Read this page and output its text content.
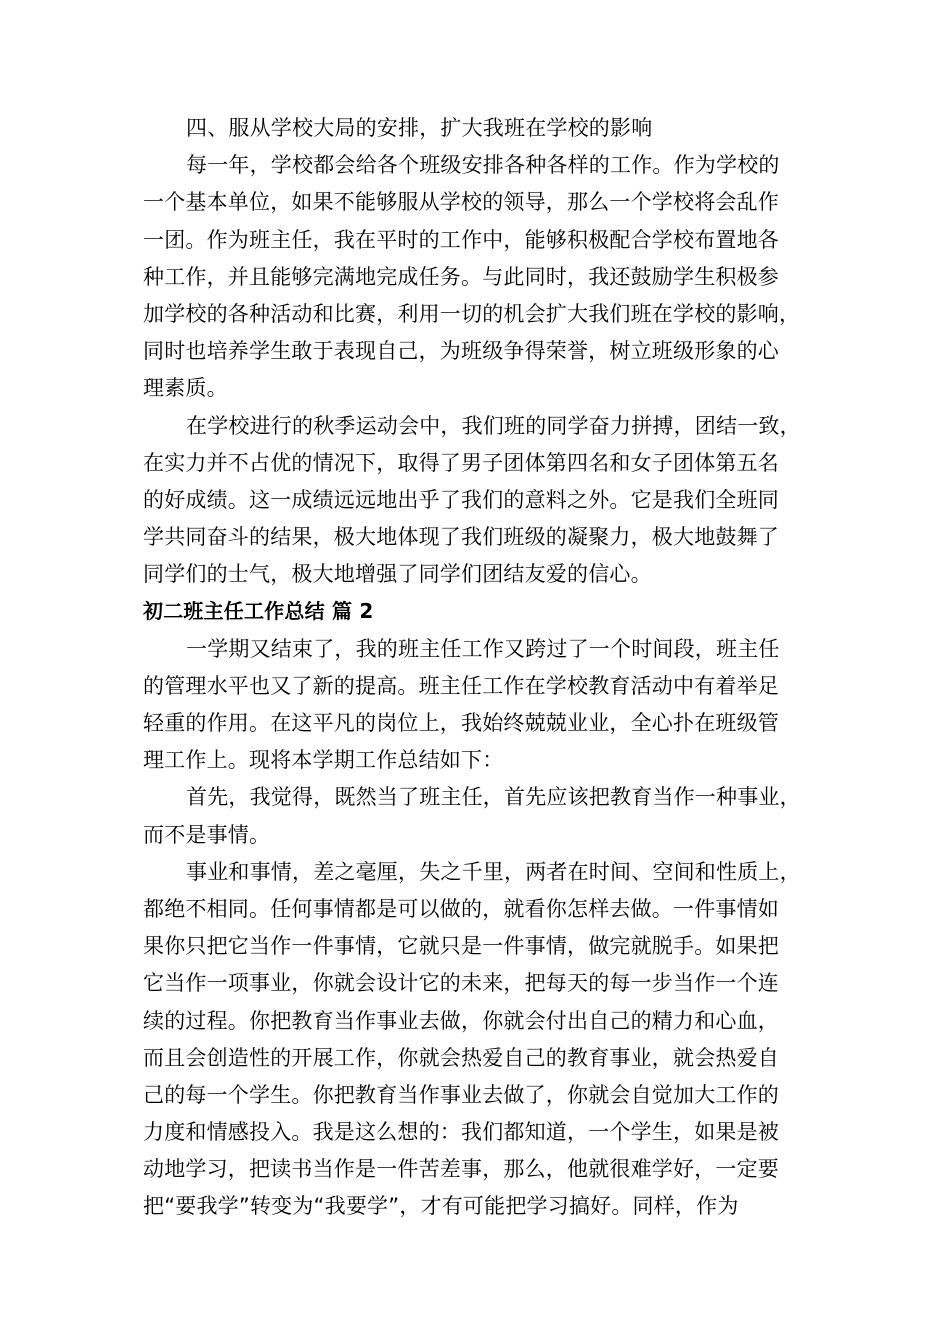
四、服从学校大局的安排，扩大我班在学校的影响
每一年，学校都会给各个班级安排各种各样的工作。作为学校的
一个基本单位，如果不能够服从学校的领导，那么一个学校将会乱作
一团。作为班主任，我在平时的工作中，能够积极配合学校布置地各
种工作，并且能够完满地完成任务。与此同时，我还鼓励学生积极参
加学校的各种活动和比赛，利用一切的机会扩大我们班在学校的影响，
同时也培养学生敢于表现自己，为班级争得荣誉，树立班级形象的心
理素质。
在学校进行的秋季运动会中，我们班的同学奋力拼搏，团结一致，
在实力并不占优的情况下，取得了男子团体第四名和女子团体第五名
的好成绩。这一成绩远远地出乎了我们的意料之外。它是我们全班同
学共同奋斗的结果，极大地体现了我们班级的凝聚力，极大地鼓舞了
同学们的士气，极大地增强了同学们团结友爱的信心。
初二班主任工作总结 篇 2
一学期又结束了，我的班主任工作又跨过了一个时间段，班主任
的管理水平也又了新的提高。班主任工作在学校教育活动中有着举足
轻重的作用。在这平凡的岗位上，我始终兢兢业业，全心扑在班级管
理工作上。现将本学期工作总结如下：
首先，我觉得，既然当了班主任，首先应该把教育当作一种事业，
而不是事情。
事业和事情，差之毫厘，失之千里，两者在时间、空间和性质上，
都绝不相同。任何事情都是可以做的，就看你怎样去做。一件事情如
果你只把它当作一件事情，它就只是一件事情，做完就脱手。如果把
它当作一项事业，你就会设计它的未来，把每天的每一步当作一个连
续的过程。你把教育当作事业去做，你就会付出自己的精力和心血，
而且会创造性的开展工作，你就会热爱自己的教育事业，就会热爱自
己的每一个学生。你把教育当作事业去做了，你就会自觉加大工作的
力度和情感投入。我是这么想的：我们都知道，一个学生，如果是被
动地学习，把读书当作是一件苦差事，那么，他就很难学好，一定要
把“要我学”转变为“我要学”，才有可能把学习搞好。同样，作为
